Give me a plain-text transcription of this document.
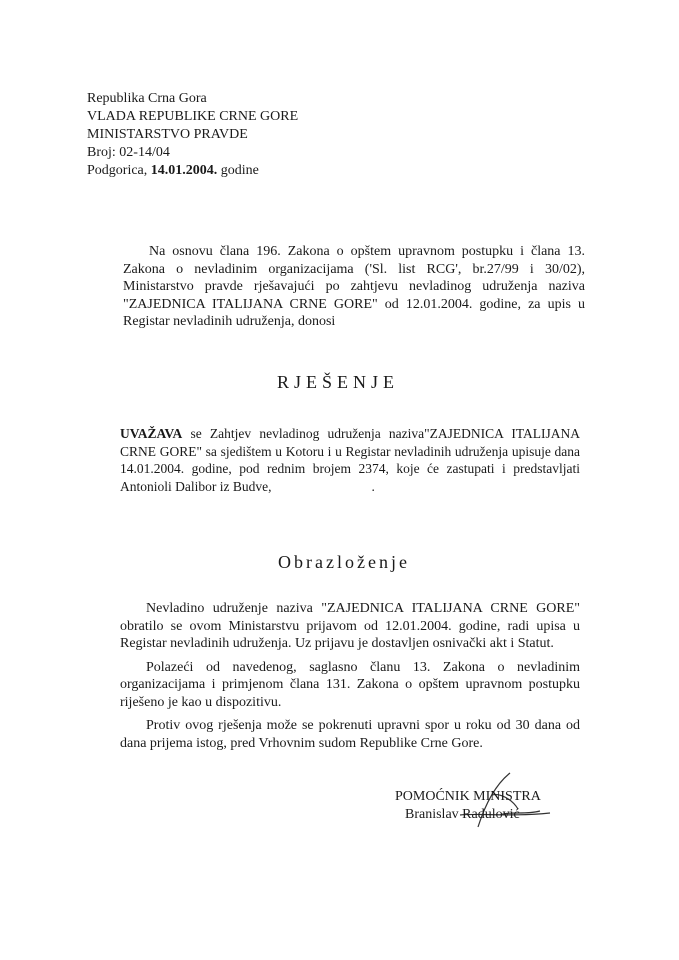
Republika Crna Gora
VLADA REPUBLIKE CRNE GORE
MINISTARSTVO PRAVDE
Broj: 02-14/04
Podgorica, 14.01.2004. godine
Na osnovu člana 196. Zakona o opštem upravnom postupku i člana 13. Zakona o nevladinim organizacijama ('Sl. list RCG', br.27/99 i 30/02), Ministarstvo pravde rješavajući po zahtjevu nevladinog udruženja naziva "ZAJEDNICA ITALIJANA CRNE GORE" od 12.01.2004. godine, za upis u Registar nevladinih udruženja, donosi
RJEŠENJE
UVAŽAVA se Zahtjev nevladinog udruženja naziva"ZAJEDNICA ITALIJANA CRNE GORE" sa sjedištem u Kotoru i u Registar nevladinih udruženja upisuje dana 14.01.2004. godine, pod rednim brojem 2374, koje će zastupati i predstavljati Antonioli Dalibor iz Budve,	.
Obrazloženje

Nevladino udruženje naziva "ZAJEDNICA ITALIJANA CRNE GORE" obratilo se ovom Ministarstvu prijavom od 12.01.2004. godine, radi upisa u Registar nevladinih udruženja. Uz prijavu je dostavljen osnivački akt i Statut.

Polazeći od navedenog, saglasno članu 13. Zakona o nevladinim organizacijama i primjenom člana 131. Zakona o opštem upravnom postupku riješeno je kao u dispozitivu.

Protiv ovog rješenja može se pokrenuti upravni spor u roku od 30 dana od dana prijema istog, pred Vrhovnim sudom Republike Crne Gore.

POMOĆNIK MINISTRA
Branislav Radulović
